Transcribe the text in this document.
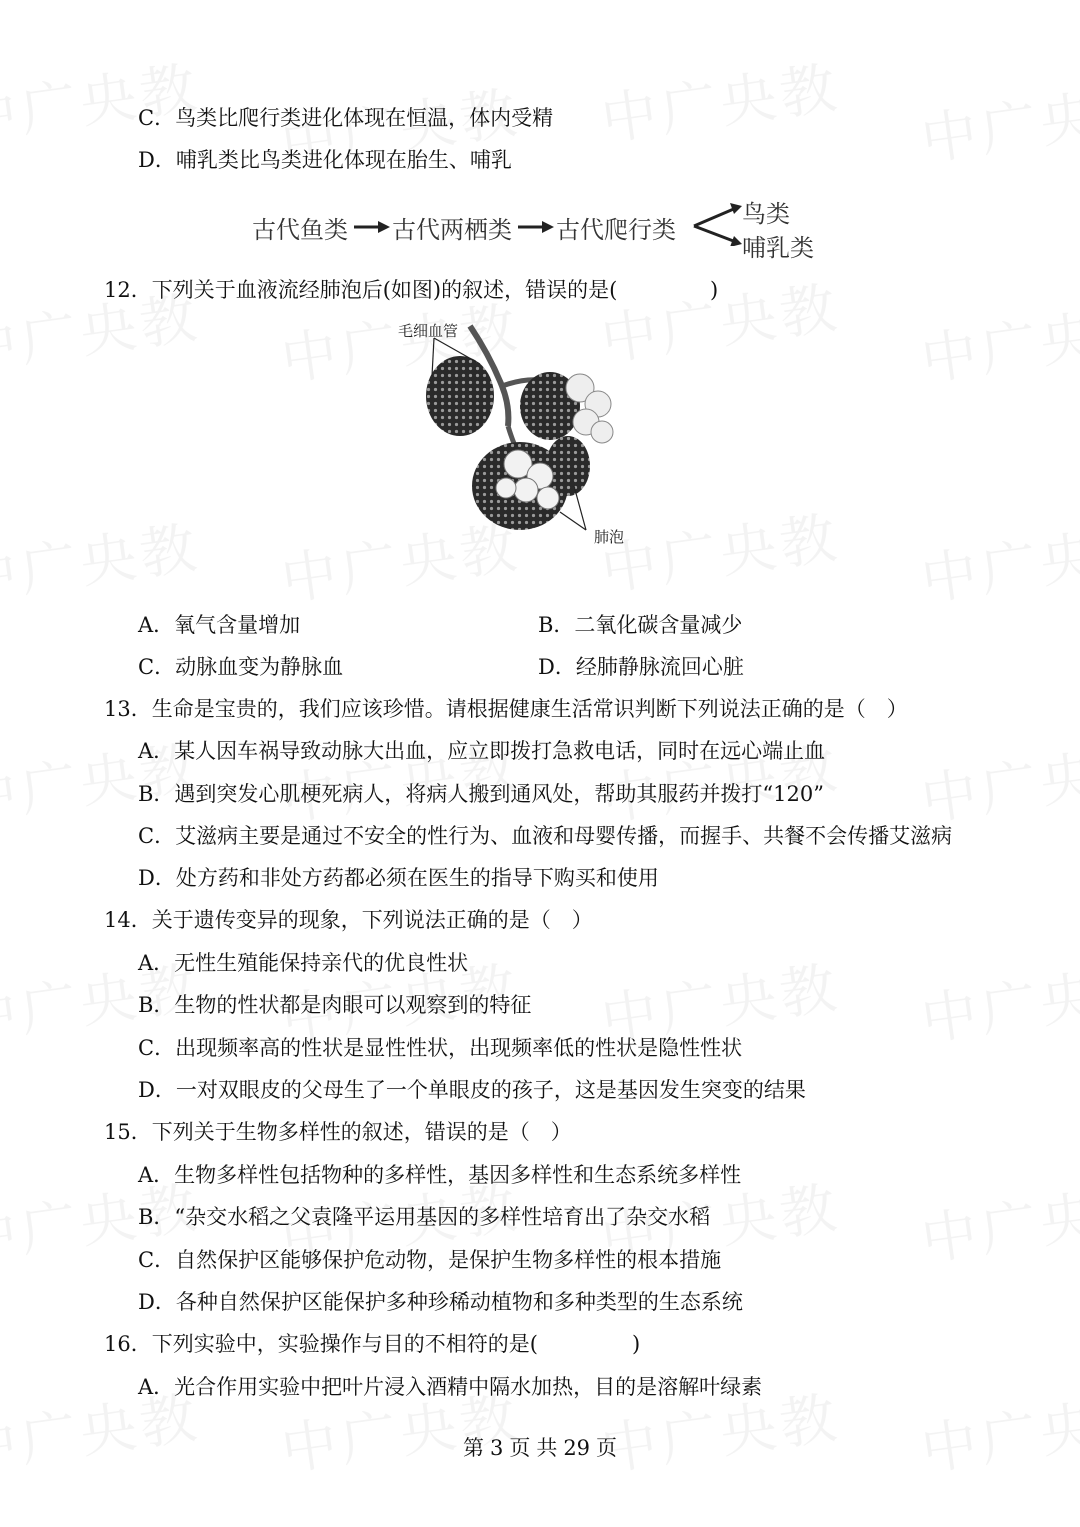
C．鸟类比爬行类进化体现在恒温，体内受精
D．哺乳类比鸟类进化体现在胎生、哺乳
古代鱼类 古代两栖类 古代爬行类
鸟类
哺乳类
12．下列关于血液流经肺泡后(如图)的叙述，错误的是(	)
毛细血管
肺泡
A．氧气含量增加	B．二氧化碳含量减少
C．动脉血变为静脉血	D．经肺静脉流回心脏
13．生命是宝贵的，我们应该珍惜。请根据健康生活常识判断下列说法正确的是（　）
A．某人因车祸导致动脉大出血，应立即拨打急救电话，同时在远心端止血
B．遇到突发心肌梗死病人，将病人搬到通风处，帮助其服药并拨打“120”
C．艾滋病主要是通过不安全的性行为、血液和母婴传播，而握手、共餐不会传播艾滋病
D．处方药和非处方药都必须在医生的指导下购买和使用
14．关于遗传变异的现象，下列说法正确的是（　）
A．无性生殖能保持亲代的优良性状
B．生物的性状都是肉眼可以观察到的特征
C．出现频率高的性状是显性性状，出现频率低的性状是隐性性状
D．一对双眼皮的父母生了一个单眼皮的孩子，这是基因发生突变的结果
15．下列关于生物多样性的叙述，错误的是（　）
A．生物多样性包括物种的多样性，基因多样性和生态系统多样性
B．“杂交水稻之父袁隆平运用基因的多样性培育出了杂交水稻
C．自然保护区能够保护危动物，是保护生物多样性的根本措施
D．各种自然保护区能保护多种珍稀动植物和多种类型的生态系统
16．下列实验中，实验操作与目的不相符的是(	)
A．光合作用实验中把叶片浸入酒精中隔水加热，目的是溶解叶绿素
第 3 页 共 29 页
